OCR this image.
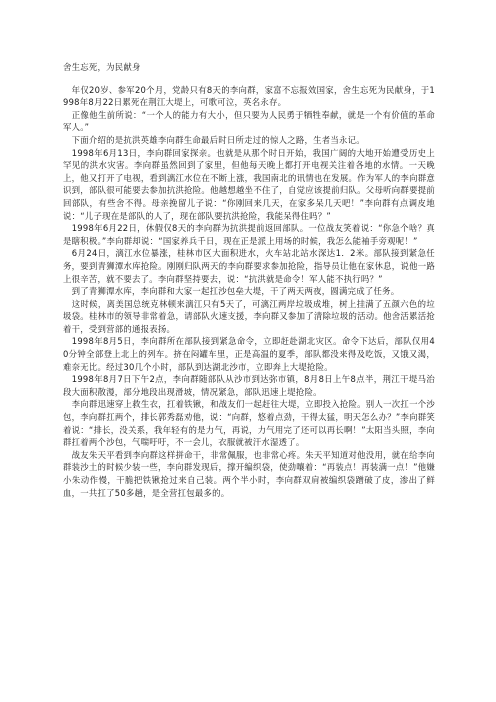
舍生忘死，为民献身

　年仅20岁、参军20个月，党龄只有8天的李向群，家富不忘报效国家，舍生忘死为民献身，于1998年8月22日累死在荆江大堤上，可歌可泣，英名永存。

　正像他生前所说：“一个人的能力有大小，但只要为人民勇于牺牲奉献，就是一个有价值的革命军人。”

　下面介绍的是抗洪英雄李向群生命最后时日所走过的惊人之路，生者当永记。

　1998年6月13日，李向群回家探亲。也就是从那个时日开始，我国广阔的大地开始遭受历史上罕见的洪水灾害。李向群虽然回到了家里，但他每天晚上都打开电视关注着各地的水情。一天晚上，他又打开了电视，看到漓江水位在不断上涨，我国南北的讯情也在发展。作为军人的李向群意识到，部队很可能要去参加抗洪抢险。他越想越坐不住了，自觉应该提前归队。父母听向群要提前回部队，有些舍不得。母亲挽留儿子说：“你刚回来几天，在家多呆几天吧！”李向群有点调皮地说：“儿子现在是部队的人了，现在部队要抗洪抢险，我能呆得住吗？”

　1998年6月22日，休假仅8天的李向群为抗洪提前返回部队。一位战友笑着说：“你急个啥？真是瞎积极。”李向群却说：“国家养兵千日，现在正是派上用场的时候，我怎么能袖手旁观呢！”

　6月24日，漓江水位暴涨，桂林市区大面积进水，火车站北站水深达1．2米。部队接到紧急任务，要到青狮潭水库抢险。刚刚归队两天的李向群要求参加抢险，指导员让他在家休息，说他一路上很辛苦，就不要去了。李向群坚持要去，说：“抗洪就是命令！军人能不执行吗？”

　到了青狮潭水库，李向群和大家一起扛沙包垒大堤，干了两天两夜，圆满完成了任务。

　这时候，离美国总统克林顿来漓江只有5天了，可漓江两岸垃圾成堆，树上挂满了五颜六色的垃圾袋。桂林市的领导非常着急，请部队火速支援，李向群又参加了清除垃圾的活动。他舍活累活抢着干，受到营部的通报表扬。

　1998年8月5日，李向群所在部队接到紧急命令，立即赶赴湖北灾区。命令下达后，部队仅用40分钟全部登上北上的列车。挤在闷罐车里，正是高温的夏季，部队都没来得及吃饭，又饿又渴，难奈无比。经过30几个小时，部队到达湖北沙市，立即奔上大堤抢险。

　1998年8月7日下午2点，李向群随部队从沙市到达弥市镇，8月8日上午8点半，荆江干堤马治段大面积散漫，部分地段出现滑坡，情况紧急，部队迅速上堤抢险。

　李向群迅速穿上救生衣，扛着铁锹，和战友们一起赶往大堤，立即投入抢险。别人一次扛一个沙包，李向群扛两个，排长郭秀磊劝他，说：“向群，悠着点劲，干得太猛，明天怎么办？”李向群笑着说：“排长，没关系，我年轻有的是力气，再说，力气用完了还可以再长啊！”太阳当头照，李向群扛着两个沙包，气喘吁吁，不一会儿，衣服就被汗水湿透了。

　战友朱天平看到李向群这样拼命干，非常佩服，也非常心疼。朱天平知道对他没用，就在给李向群装沙土的时候少装一些，李向群发现后，撑开编织袋，使劲嚷着：“再装点！再装满一点！”他嫌小朱动作慢，干脆把铁锹抢过来自己装。两个半小时，李向群双肩被编织袋蹭破了皮，渗出了鲜血，一共扛了50多趟，是全营扛包最多的。
